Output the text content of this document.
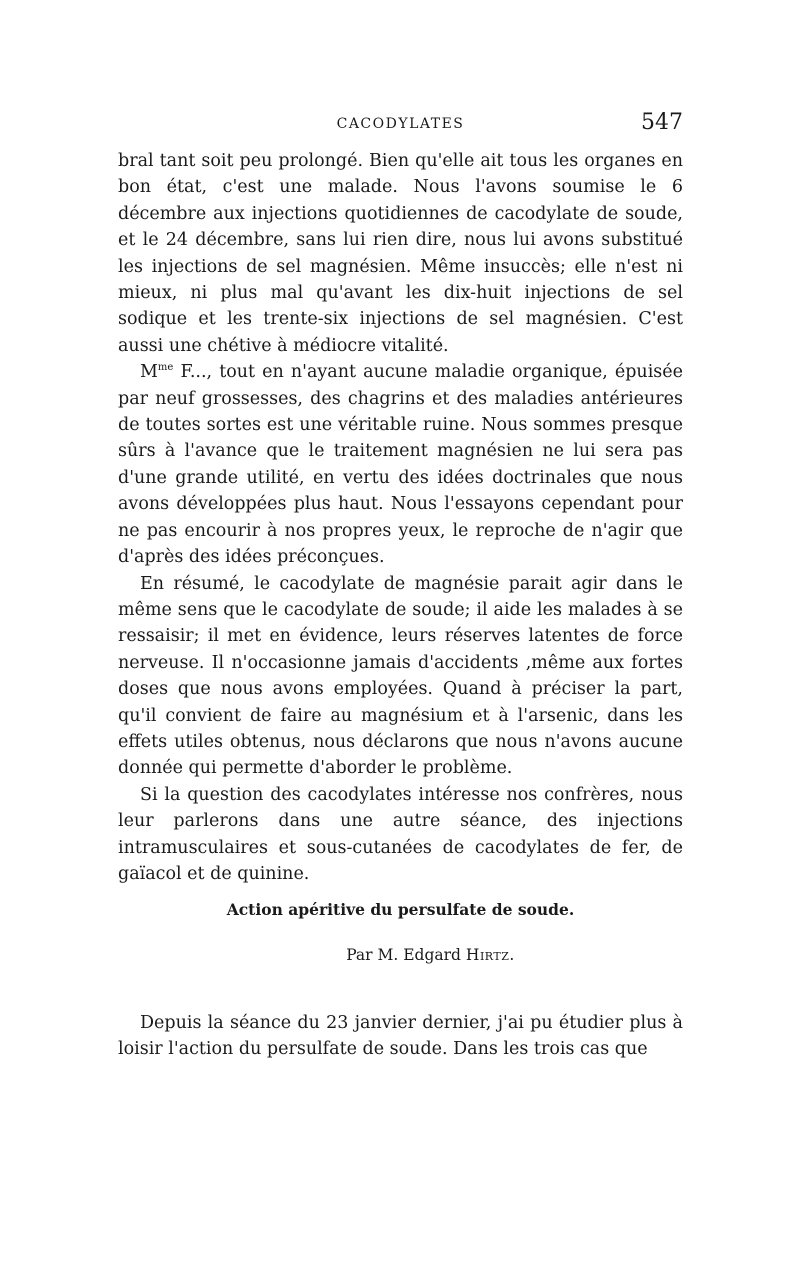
CACODYLATES	547

bral tant soit peu prolongé. Bien qu'elle ait tous les organes en bon état, c'est une malade. Nous l'avons soumise le 6 décembre aux injections quotidiennes de cacodylate de soude, et le 24 décembre, sans lui rien dire, nous lui avons substitué les injections de sel magnésien. Même insuccès; elle n'est ni mieux, ni plus mal qu'avant les dix-huit injections de sel sodique et les trente-six injections de sel magnésien. C'est aussi une chétive à médiocre vitalité.

$M^{me}$ F..., tout en n'ayant aucune maladie organique, épuisée par neuf grossesses, des chagrins et des maladies antérieures de toutes sortes est une véritable ruine. Nous sommes presque sûrs à l'avance que le traitement magnésien ne lui sera pas d'une grande utilité, en vertu des idées doctrinales que nous avons développées plus haut. Nous l'essayons cependant pour ne pas encourir à nos propres yeux, le reproche de n'agir que d'après des idées préconçues.

En résumé, le cacodylate de magnésie parait agir dans le même sens que le cacodylate de soude; il aide les malades à se ressaisir; il met en évidence, leurs réserves latentes de force nerveuse. Il n'occasionne jamais d'accidents ,même aux fortes doses que nous avons employées. Quand à préciser la part, qu'il convient de faire au magnésium et à l'arsenic, dans les effets utiles obtenus, nous déclarons que nous n'avons aucune donnée qui permette d'aborder le problème.

Si la question des cacodylates intéresse nos confrères, nous leur parlerons dans une autre séance, des injections intramusculaires et sous-cutanées de cacodylates de fer, de gaïacol et de quinine.

Action apéritive du persulfate de soude.
Par M. Edgard Hirtz.

Depuis la séance du 23 janvier dernier, j'ai pu étudier plus à loisir l'action du persulfate de soude. Dans les trois cas que
